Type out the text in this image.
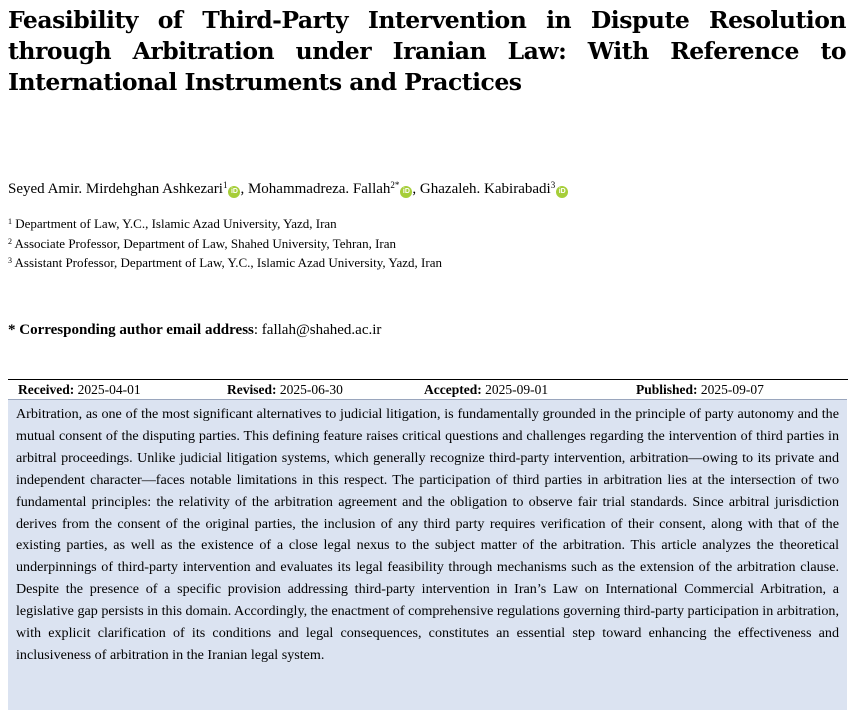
Feasibility of Third-Party Intervention in Dispute Resolution through Arbitration under Iranian Law: With Reference to International Instruments and Practices
Seyed Amir. Mirdehghan Ashkezari$^1$iD , Mohammadreza. Fallah$^{2*}$iD , Ghazaleh. Kabirabadi$^3$iD
$^1$ Department of Law, Y.C., Islamic Azad University, Yazd, Iran
$^2$ Associate Professor, Department of Law, Shahed University, Tehran, Iran
$^3$ Assistant Professor, Department of Law, Y.C., Islamic Azad University, Yazd, Iran
* Corresponding author email address: fallah@shahed.ac.ir
Received: 2025-04-01	Revised: 2025-06-30	Accepted: 2025-09-01	Published: 2025-09-07

Arbitration, as one of the most significant alternatives to judicial litigation, is fundamentally grounded in the principle of party autonomy and the mutual consent of the disputing parties. This defining feature raises critical questions and challenges regarding the intervention of third parties in arbitral proceedings. Unlike judicial litigation systems, which generally recognize third-party intervention, arbitration—owing to its private and independent character—faces notable limitations in this respect. The participation of third parties in arbitration lies at the intersection of two fundamental principles: the relativity of the arbitration agreement and the obligation to observe fair trial standards. Since arbitral jurisdiction derives from the consent of the original parties, the inclusion of any third party requires verification of their consent, along with that of the existing parties, as well as the existence of a close legal nexus to the subject matter of the arbitration. This article analyzes the theoretical underpinnings of third-party intervention and evaluates its legal feasibility through mechanisms such as the extension of the arbitration clause. Despite the presence of a specific provision addressing third-party intervention in Iran’s Law on International Commercial Arbitration, a legislative gap persists in this domain. Accordingly, the enactment of comprehensive regulations governing third-party participation in arbitration, with explicit clarification of its conditions and legal consequences, constitutes an essential step toward enhancing the effectiveness and inclusiveness of arbitration in the Iranian legal system.
